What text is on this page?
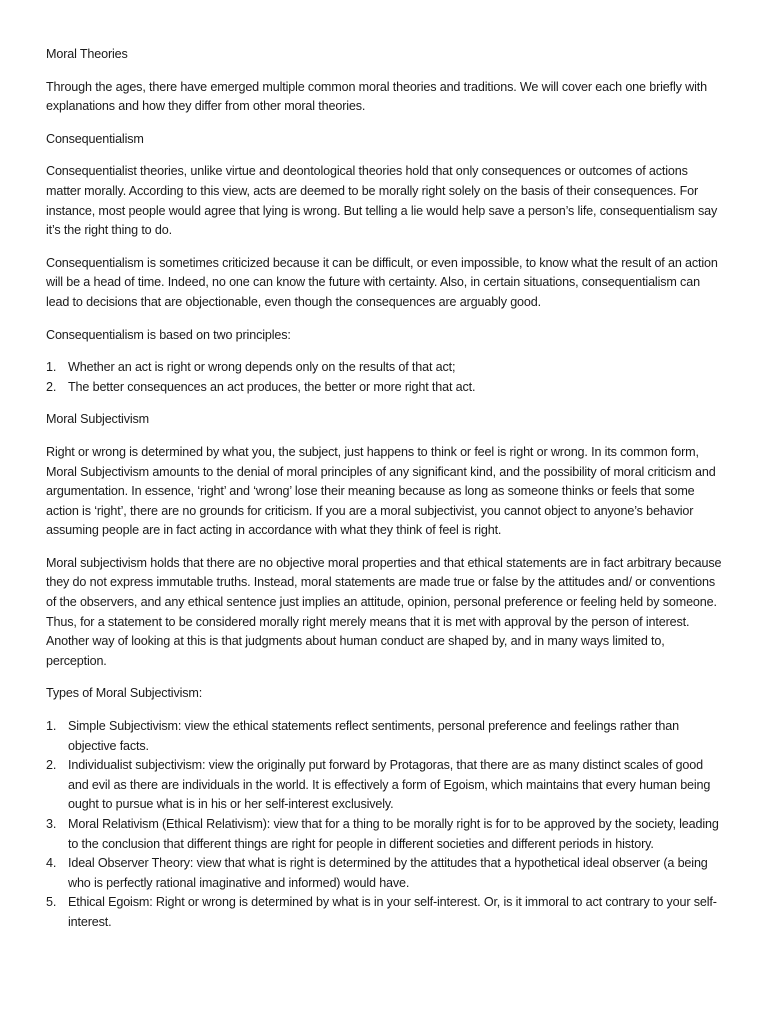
Moral Theories
Through the ages, there have emerged multiple common moral theories and traditions. We will cover each one briefly with explanations and how they differ from other moral theories.
Consequentialism
Consequentialist theories, unlike virtue and deontological theories hold that only consequences or outcomes of actions matter morally. According to this view, acts are deemed to be morally right solely on the basis of their consequences. For instance, most people would agree that lying is wrong. But telling a lie would help save a person’s life, consequentialism say it’s the right thing to do.
Consequentialism is sometimes criticized because it can be difficult, or even impossible, to know what the result of an action will be a head of time. Indeed, no one can know the future with certainty. Also, in certain situations, consequentialism can lead to decisions that are objectionable, even though the consequences are arguably good.
Consequentialism is based on two principles:
1. Whether an act is right or wrong depends only on the results of that act;
2. The better consequences an act produces, the better or more right that act.
Moral Subjectivism
Right or wrong is determined by what you, the subject, just happens to think or feel is right or wrong. In its common form, Moral Subjectivism amounts to the denial of moral principles of any significant kind, and the possibility of moral criticism and argumentation. In essence, ‘right’ and ‘wrong’ lose their meaning because as long as someone thinks or feels that some action is ‘right’, there are no grounds for criticism. If you are a moral subjectivist, you cannot object to anyone’s behavior assuming people are in fact acting in accordance with what they think of feel is right.
Moral subjectivism holds that there are no objective moral properties and that ethical statements are in fact arbitrary because they do not express immutable truths. Instead, moral statements are made true or false by the attitudes and/ or conventions of the observers, and any ethical sentence just implies an attitude, opinion, personal preference or feeling held by someone. Thus, for a statement to be considered morally right merely means that it is met with approval by the person of interest. Another way of looking at this is that judgments about human conduct are shaped by, and in many ways limited to, perception.
Types of Moral Subjectivism:
1. Simple Subjectivism: view the ethical statements reflect sentiments, personal preference and feelings rather than objective facts.
2. Individualist subjectivism: view the originally put forward by Protagoras, that there are as many distinct scales of good and evil as there are individuals in the world. It is effectively a form of Egoism, which maintains that every human being ought to pursue what is in his or her self-interest exclusively.
3. Moral Relativism (Ethical Relativism): view that for a thing to be morally right is for to be approved by the society, leading to the conclusion that different things are right for people in different societies and different periods in history.
4. Ideal Observer Theory: view that what is right is determined by the attitudes that a hypothetical ideal observer (a being who is perfectly rational imaginative and informed) would have.
5. Ethical Egoism: Right or wrong is determined by what is in your self-interest. Or, is it immoral to act contrary to your self-interest.
